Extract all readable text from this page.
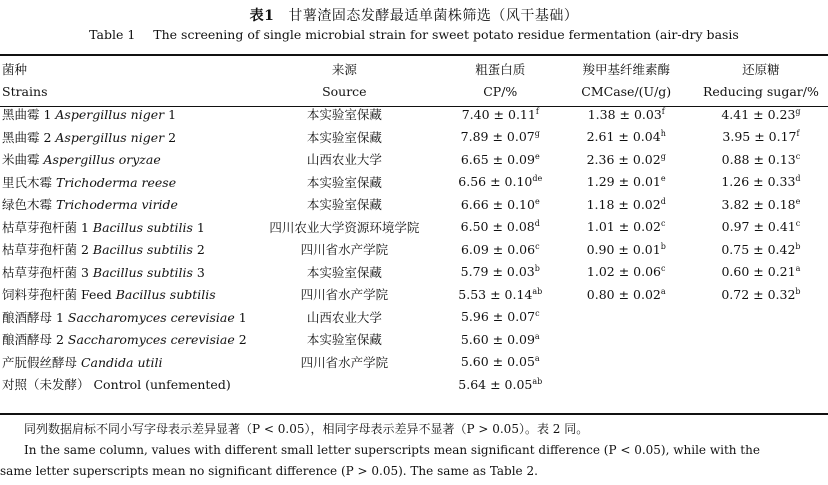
表1 甘薯渣固态发酵最适单菌株筛选（风干基础）
Table 1 The screening of single microbial strain for sweet potato residue fermentation (air-dry basis
菌种	来源	粗蛋白质	羧甲基纤维素酶	还原糖
Strains	Source	CP/%	CMCase/(U/g)	Reducing sugar/%
黑曲霉 1 Aspergillus niger 1	本实验室保藏	7.40 ± 0.11$^f$	1.38 ± 0.03$^f$	4.41 ± 0.23$^g$
黑曲霉 2 Aspergillus niger 2	本实验室保藏	7.89 ± 0.07$^g$	2.61 ± 0.04$^h$	3.95 ± 0.17$^f$
米曲霉 Aspergillus oryzae	山西农业大学	6.65 ± 0.09$^e$	2.36 ± 0.02$^g$	0.88 ± 0.13$^c$
里氏木霉 Trichoderma reese	本实验室保藏	6.56 ± 0.10de	1.29 ± 0.01$^e$	1.26 ± 0.33$^d$
绿色木霉 Trichoderma viride	本实验室保藏	6.66 ± 0.10$^e$	1.18 ± 0.02$^d$	3.82 ± 0.18$^e$
枯草芽孢杆菌 1 Bacillus subtilis 1	四川农业大学资源环境学院	6.50 ± 0.08$^d$	1.01 ± 0.02$^c$	0.97 ± 0.41$^c$
枯草芽孢杆菌 2 Bacillus subtilis 2	四川省水产学院	6.09 ± 0.06$^c$	0.90 ± 0.01$^b$	0.75 ± 0.42$^b$
枯草芽孢杆菌 3 Bacillus subtilis 3	本实验室保藏	5.79 ± 0.03$^b$	1.02 ± 0.06$^c$	0.60 ± 0.21$^a$
饲料芽孢杆菌 Feed Bacillus subtilis	四川省水产学院	5.53 ± 0.14$^{ab}$	0.80 ± 0.02$^a$	0.72 ± 0.32$^b$
酿酒酵母 1 Saccharomyces cerevisiae 1	山西农业大学	5.96 ± 0.07$^c$		
酿酒酵母 2 Saccharomyces cerevisiae 2	本实验室保藏	5.60 ± 0.09$^a$		
产朊假丝酵母 Candida utili	四川省水产学院	5.60 ± 0.05$^a$		
对照（未发酵） Control (unfemented)		5.64 ± 0.05$^{ab}$		

同列数据肩标不同小写字母表示差异显著（P < 0.05），相同字母表示差异不显著（P > 0.05）。表 2 同。

In the same column, values with different small letter superscripts mean significant difference (P < 0.05), while with the

same letter superscripts mean no significant difference (P > 0.05). The same as Table 2.
